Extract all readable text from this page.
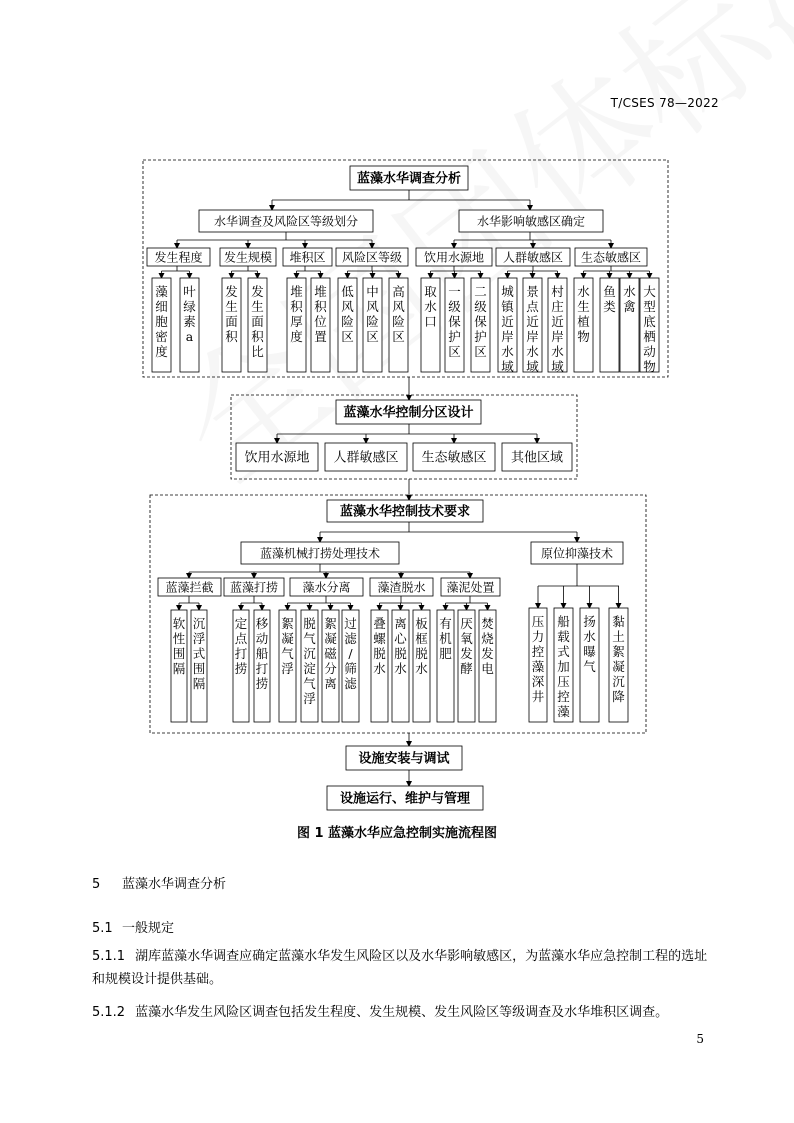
T/CSES 78—2022
蓝藻水华调查分析
水华调查及风险区等级划分	水华影响敏感区确定
发生程度
藻
细
胞
密
度
叶
绿
素
a
发生规模
发
生
面
积
发
生
面
积
比
堆积区
堆
积
厚
度
堆
积
位
置
风险区等级
低
风
险
区
中
风
险
区
高
风
险
区
饮用水源地
取
水
口
一
级
保
护
区
二
级
保
护
区
人群敏感区
城
镇
近
岸
水
域
景
点
近
岸
水
域
村
庄
近
岸
水
域
生态敏感区
水
生
植
物
鱼
类
水
禽
大
型
底
栖
动
物
蓝藻水华控制分区设计
饮用水源地 人群敏感区 生态敏感区 其他区域
蓝藻水华控制技术要求
蓝藻机械打捞处理技术	原位抑藻技术
蓝藻拦截
软
性
围
隔
沉
浮
式
围
隔
蓝藻打捞
定
点
打
捞
移
动
船
打
捞
藻水分离
絮
凝
气
浮
脱
气
沉
淀
气
浮
絮
凝
磁
分
离
过
滤
/
筛
滤
藻渣脱水
叠
螺
脱
水
离
心
脱
水
板
框
脱
水
藻泥处置
有
机
肥
厌
氧
发
酵
焚
烧
发
电
压
力
控
藻
深
井
船
载
式
加
压
控
藻
扬
水
曝
气
黏
土
絮
凝
沉
降
设施安装与调试
设施运行、维护与管理
图 1 蓝藻水华应急控制实施流程图
5 蓝藻水华调查分析
5.1 一般规定
5.1.1 湖库蓝藻水华调查应确定蓝藻水华发生风险区以及水华影响敏感区，为蓝藻水华应急控制工程的选址和规模设计提供基础。
5.1.2 蓝藻水华发生风险区调查包括发生程度、发生规模、发生风险区等级调查及水华堆积区调查。
5
